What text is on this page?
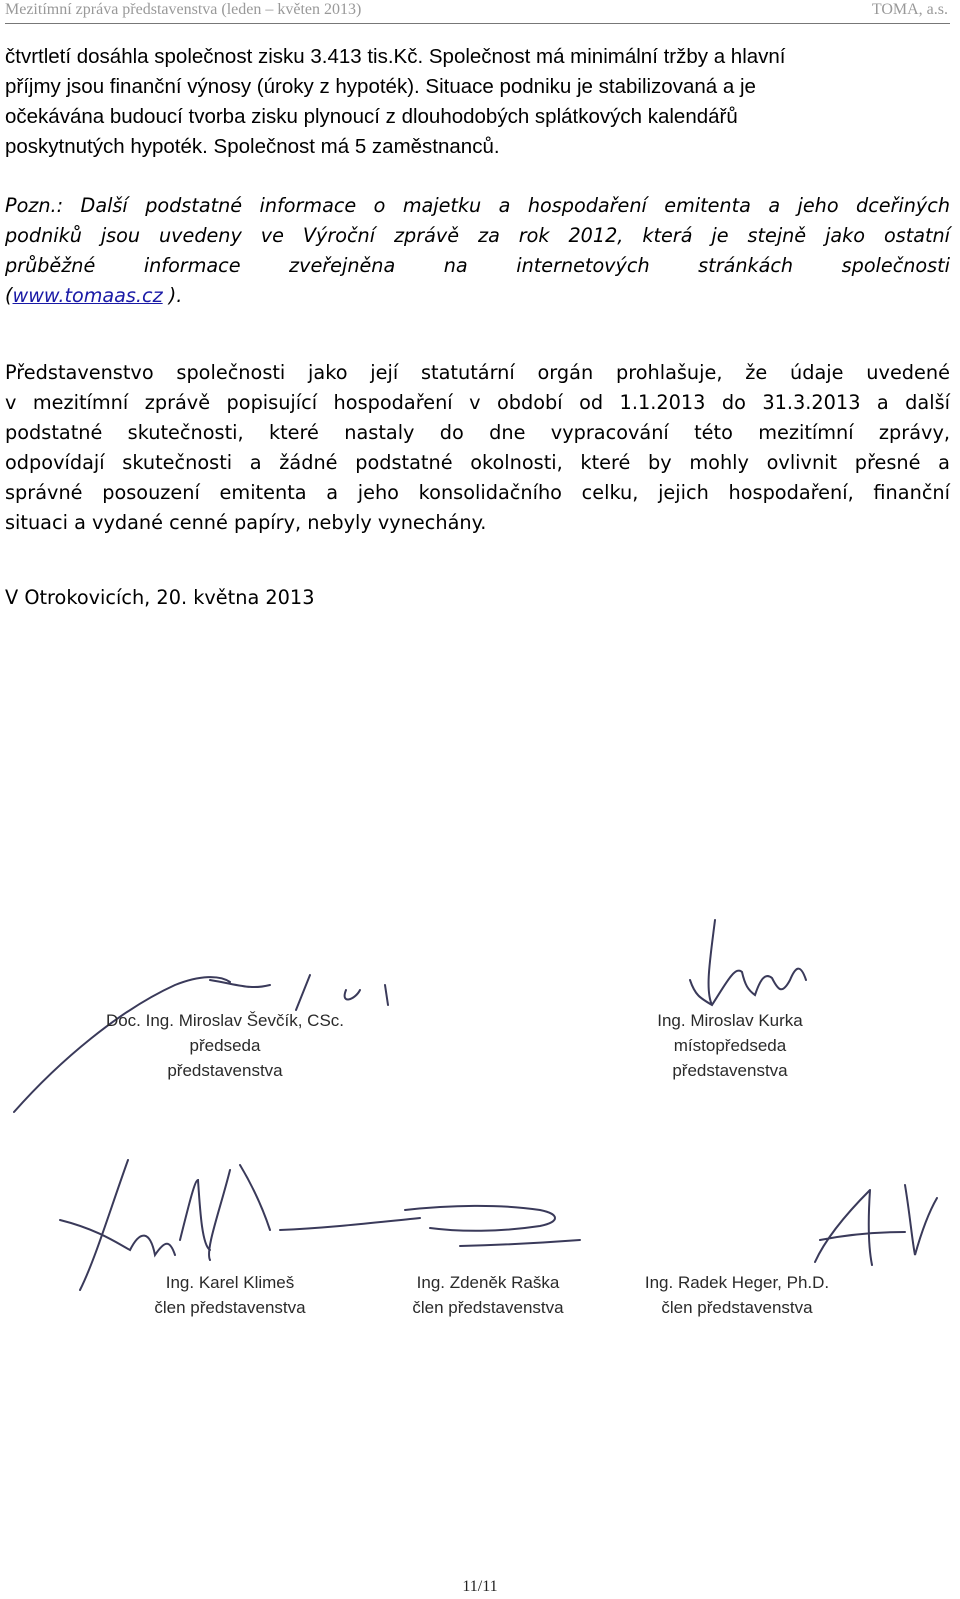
Mezitímní zpráva představenstva (leden – květen 2013)	TOMA, a.s.
čtvrtletí dosáhla společnost zisku 3.413 tis.Kč. Společnost má minimální tržby a hlavní
příjmy jsou finanční výnosy (úroky z hypoték). Situace podniku je stabilizovaná a je
očekávána budoucí tvorba zisku plynoucí z dlouhodobých splátkových kalendářů
poskytnutých hypoték. Společnost má 5 zaměstnanců.
Pozn.: Další podstatné informace o majetku a hospodaření emitenta a jeho dceřiných
podniků jsou uvedeny ve Výroční zprávě za rok 2012, která je stejně jako ostatní
průběžné informace zveřejněna na internetových stránkách společnosti
(www.tomaas.cz ).
Představenstvo společnosti jako její statutární orgán prohlašuje, že údaje uvedené
v mezitímní zprávě popisující hospodaření v období od 1.1.2013 do 31.3.2013 a další
podstatné skutečnosti, které nastaly do dne vypracování této mezitímní zprávy,
odpovídají skutečnosti a žádné podstatné okolnosti, které by mohly ovlivnit přesné a
správné posouzení emitenta a jeho konsolidačního celku, jejich hospodaření, finanční
situaci a vydané cenné papíry, nebyly vynechány.
V Otrokovicích, 20. května 2013
Doc. Ing. Miroslav Ševčík, CSc.
předseda
představenstva
Ing. Miroslav Kurka
místopředseda
představenstva
Ing. Karel Klimeš
člen představenstva
Ing. Zdeněk Raška
člen představenstva
Ing. Radek Heger, Ph.D.
člen představenstva
11/11
